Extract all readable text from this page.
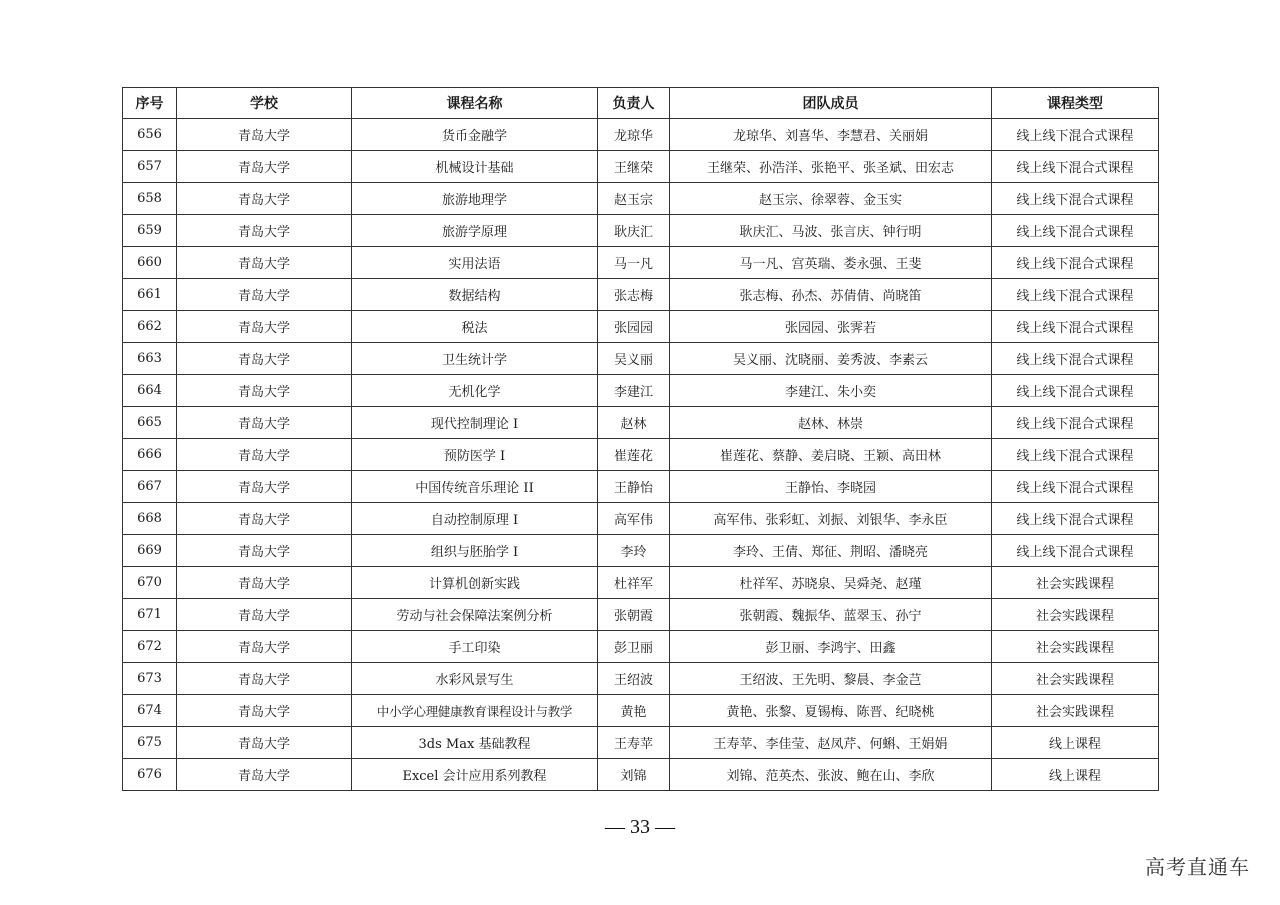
序号	学校	课程名称	负责人	团队成员	课程类型
656	青岛大学	货币金融学	龙琼华	龙琼华、刘喜华、李慧君、关丽娟	线上线下混合式课程
657	青岛大学	机械设计基础	王继荣	王继荣、孙浩洋、张艳平、张圣斌、田宏志	线上线下混合式课程
658	青岛大学	旅游地理学	赵玉宗	赵玉宗、徐翠蓉、金玉实	线上线下混合式课程
659	青岛大学	旅游学原理	耿庆汇	耿庆汇、马波、张言庆、钟行明	线上线下混合式课程
660	青岛大学	实用法语	马一凡	马一凡、宫英瑞、娄永强、王斐	线上线下混合式课程
661	青岛大学	数据结构	张志梅	张志梅、孙杰、苏倩倩、尚晓笛	线上线下混合式课程
662	青岛大学	税法	张园园	张园园、张霁若	线上线下混合式课程
663	青岛大学	卫生统计学	吴义丽	吴义丽、沈晓丽、姜秀波、李素云	线上线下混合式课程
664	青岛大学	无机化学	李建江	李建江、朱小奕	线上线下混合式课程
665	青岛大学	现代控制理论 I	赵林	赵林、林崇	线上线下混合式课程
666	青岛大学	预防医学 I	崔莲花	崔莲花、蔡静、姜启晓、王颖、高田林	线上线下混合式课程
667	青岛大学	中国传统音乐理论 II	王静怡	王静怡、李晓园	线上线下混合式课程
668	青岛大学	自动控制原理 I	高军伟	高军伟、张彩虹、刘振、刘银华、李永臣	线上线下混合式课程
669	青岛大学	组织与胚胎学 I	李玲	李玲、王倩、郑征、荆昭、潘晓亮	线上线下混合式课程
670	青岛大学	计算机创新实践	杜祥军	杜祥军、苏晓泉、吴舜尧、赵瑾	社会实践课程
671	青岛大学	劳动与社会保障法案例分析	张朝霞	张朝霞、魏振华、蓝翠玉、孙宁	社会实践课程
672	青岛大学	手工印染	彭卫丽	彭卫丽、李鸿宇、田鑫	社会实践课程
673	青岛大学	水彩风景写生	王绍波	王绍波、王先明、黎晨、李金芑	社会实践课程
674	青岛大学	中小学心理健康教育课程设计与教学	黄艳	黄艳、张黎、夏锡梅、陈晋、纪晓桃	社会实践课程
675	青岛大学	3ds Max 基础教程	王寿苹	王寿苹、李佳莹、赵凤芹、何蝌、王娟娟	线上课程
676	青岛大学	Excel 会计应用系列教程	刘锦	刘锦、范英杰、张波、鲍在山、李欣	线上课程
— 33 —
高考直通车
